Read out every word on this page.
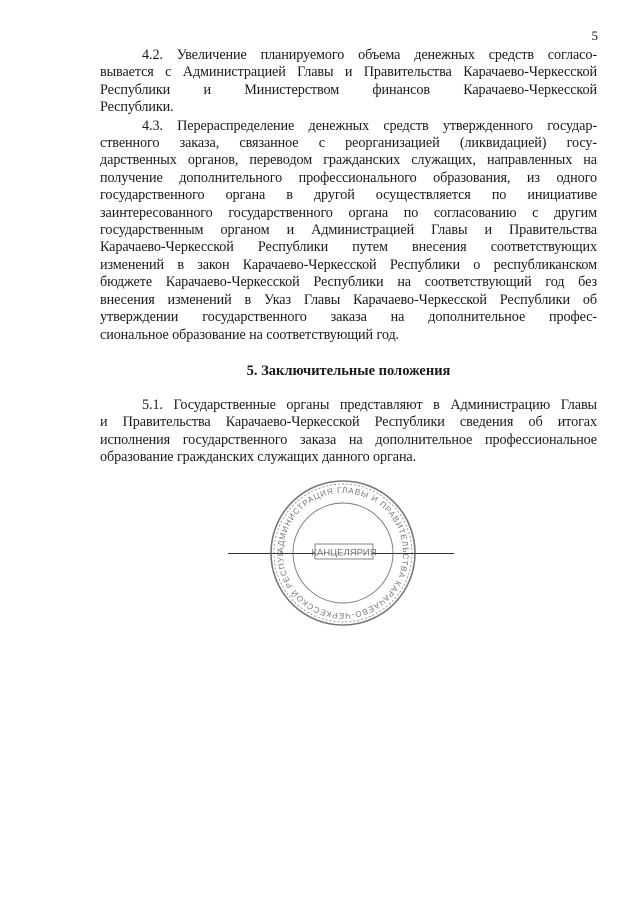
5
4.2. Увеличение планируемого объема денежных средств согласо-
вывается с Администрацией Главы и Правительства Карачаево-Черкесской
Республики      и      Министерством      финансов      Карачаево-Черкесской
Республики.
4.3. Перераспределение денежных средств утвержденного государ-
ственного заказа, связанное с реорганизацией (ликвидацией) госу-
дарственных органов, переводом гражданских служащих, направленных на
получение дополнительного профессионального образования, из одного
государственного органа в другой осуществляется по инициативе
заинтересованного государственного органа по согласованию с другим
государственным органом и Администрацией Главы и Правительства
Карачаево-Черкесской Республики путем внесения соответствующих
изменений в закон Карачаево-Черкесской Республики о республиканском
бюджете Карачаево-Черкесской Республики на соответствующий год без
внесения изменений в Указ Главы Карачаево-Черкесской Республики об
утверждении государственного заказа на дополнительное профес-
сиональное образование на соответствующий год.
5. Заключительные положения
5.1. Государственные органы представляют в Администрацию Главы
и Правительства Карачаево-Черкесской Республики сведения об итогах
исполнения государственного заказа на дополнительное профессиональное
образование гражданских служащих данного органа.
АДМИНИСТРАЦИЯ ГЛАВЫ И ПРАВИТЕЛЬСТВА КАРАЧАЕВО-ЧЕРКЕССКОЙ РЕСПУБ	КАНЦЕЛЯРИЯ
